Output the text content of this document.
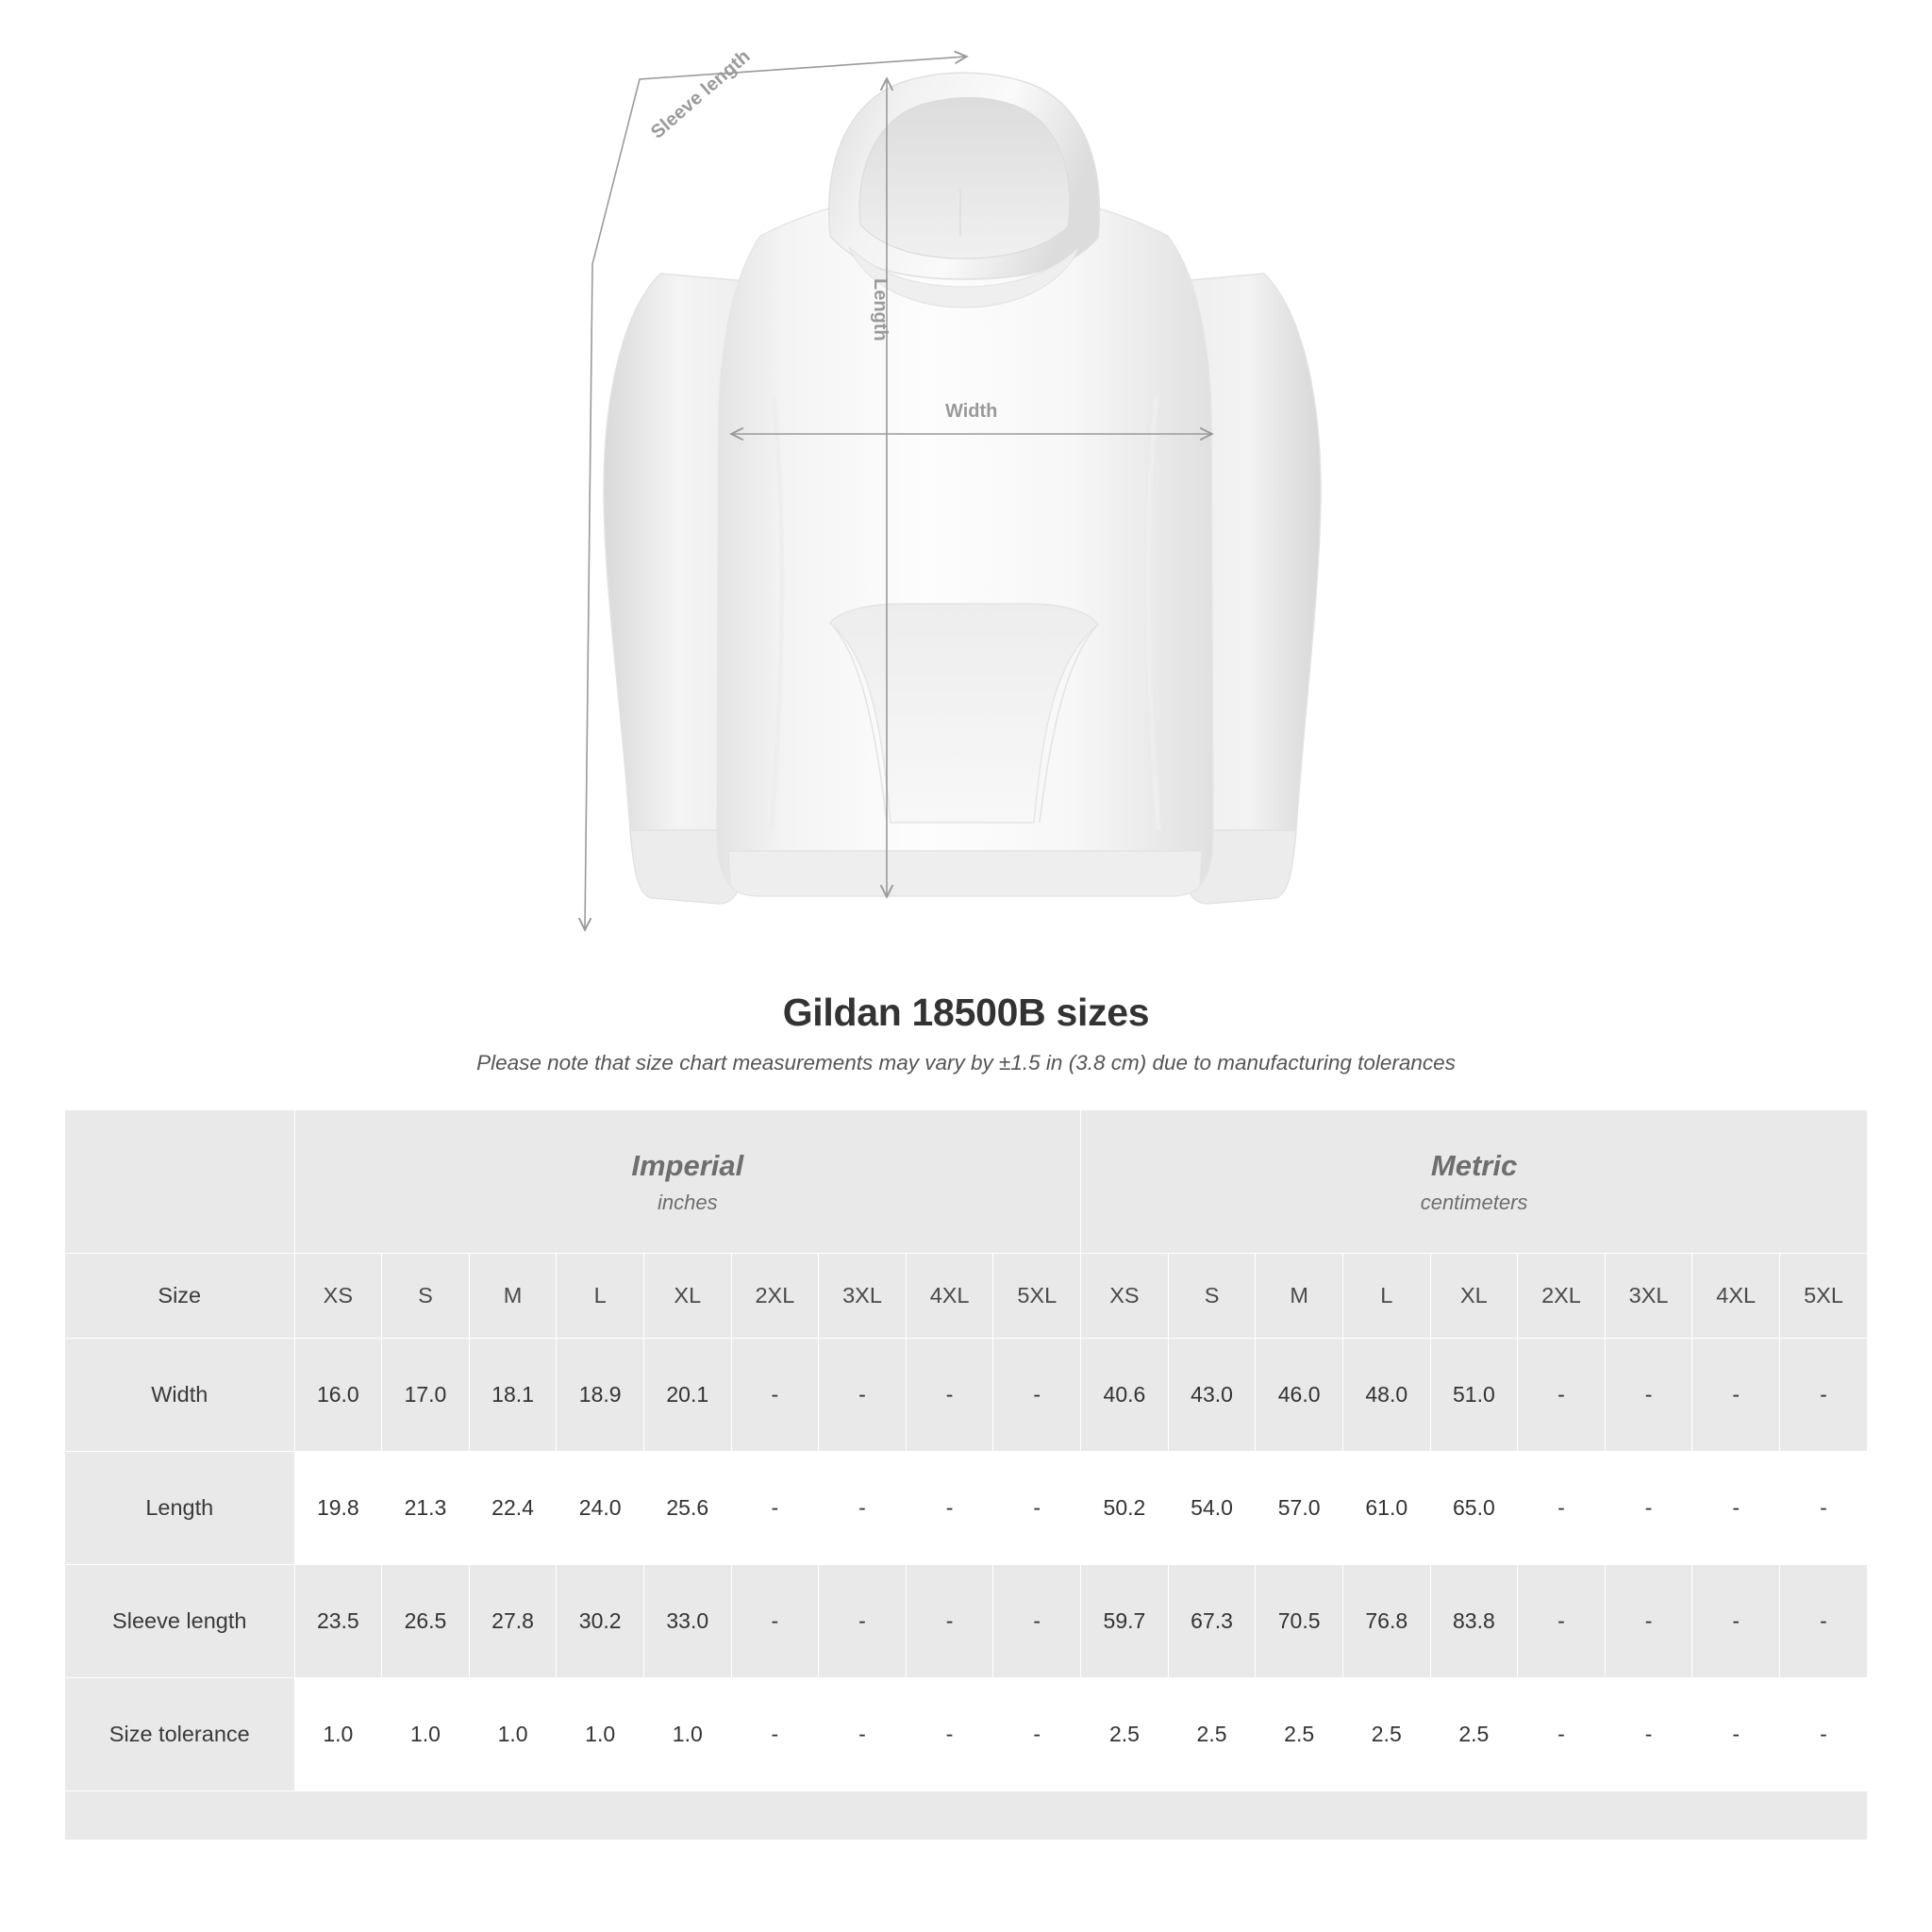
Sleeve length
Length
Width
Gildan 18500B sizes
Please note that size chart measurements may vary by ±1.5 in (3.8 cm) due to manufacturing tolerances

Imperial
inches

Metric
centimeters

Size	XS	S	M	L	XL	2XL	3XL	4XL	5XL	XS	S	M	L	XL	2XL	3XL	4XL	5XL
Width	16.0	17.0	18.1	18.9	20.1	-	-	-	-	40.6	43.0	46.0	48.0	51.0	-	-	-	-
Length	19.8	21.3	22.4	24.0	25.6	-	-	-	-	50.2	54.0	57.0	61.0	65.0	-	-	-	-
Sleeve length	23.5	26.5	27.8	30.2	33.0	-	-	-	-	59.7	67.3	70.5	76.8	83.8	-	-	-	-
Size tolerance	1.0	1.0	1.0	1.0	1.0	-	-	-	-	2.5	2.5	2.5	2.5	2.5	-	-	-	-
